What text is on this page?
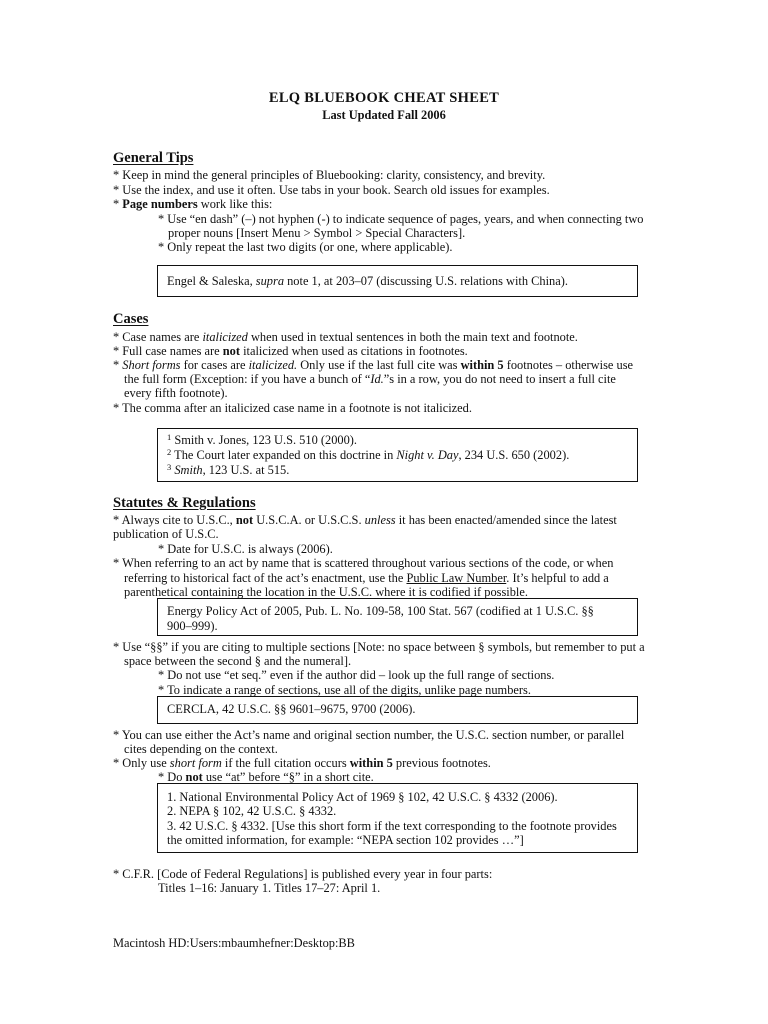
ELQ BLUEBOOK CHEAT SHEET
Last Updated Fall 2006
General Tips
* Keep in mind the general principles of Bluebooking: clarity, consistency, and brevity.
* Use the index, and use it often. Use tabs in your book. Search old issues for examples.
* Page numbers work like this:
* Use “en dash” (–) not hyphen (-) to indicate sequence of pages, years, and when connecting two
proper nouns [Insert Menu > Symbol > Special Characters].
* Only repeat the last two digits (or one, where applicable).
Engel & Saleska, supra note 1, at 203–07 (discussing U.S. relations with China).
Cases
* Case names are italicized when used in textual sentences in both the main text and footnote.
* Full case names are not italicized when used as citations in footnotes.
* Short forms for cases are italicized. Only use if the last full cite was within 5 footnotes – otherwise use
the full form (Exception: if you have a bunch of “Id.”s in a row, you do not need to insert a full cite
every fifth footnote).
* The comma after an italicized case name in a footnote is not italicized.
$^1$ Smith v. Jones, 123 U.S. 510 (2000).
$^2$ The Court later expanded on this doctrine in Night v. Day, 234 U.S. 650 (2002).
$^3$ Smith, 123 U.S. at 515.
Statutes & Regulations
* Always cite to U.S.C., not U.S.C.A. or U.S.C.S. unless it has been enacted/amended since the latest
publication of U.S.C.
* Date for U.S.C. is always (2006).
* When referring to an act by name that is scattered throughout various sections of the code, or when
referring to historical fact of the act’s enactment, use the Public Law Number. It’s helpful to add a
parenthetical containing the location in the U.S.C. where it is codified if possible.
Energy Policy Act of 2005, Pub. L. No. 109-58, 100 Stat. 567 (codified at 1 U.S.C. §§
900–999).
* Use “§§” if you are citing to multiple sections [Note: no space between § symbols, but remember to put a
space between the second § and the numeral].
* Do not use “et seq.” even if the author did – look up the full range of sections.
* To indicate a range of sections, use all of the digits, unlike page numbers.
CERCLA, 42 U.S.C. §§ 9601–9675, 9700 (2006).
* You can use either the Act’s name and original section number, the U.S.C. section number, or parallel
cites depending on the context.
* Only use short form if the full citation occurs within 5 previous footnotes.
* Do not use “at” before “§” in a short cite.
1. National Environmental Policy Act of 1969 § 102, 42 U.S.C. § 4332 (2006).
2. NEPA § 102, 42 U.S.C. § 4332.
3. 42 U.S.C. § 4332. [Use this short form if the text corresponding to the footnote provides
the omitted information, for example: “NEPA section 102 provides …”]
* C.F.R. [Code of Federal Regulations] is published every year in four parts:
Titles 1–16: January 1. Titles 17–27: April 1.
Macintosh HD:Users:mbaumhefner:Desktop:BB
